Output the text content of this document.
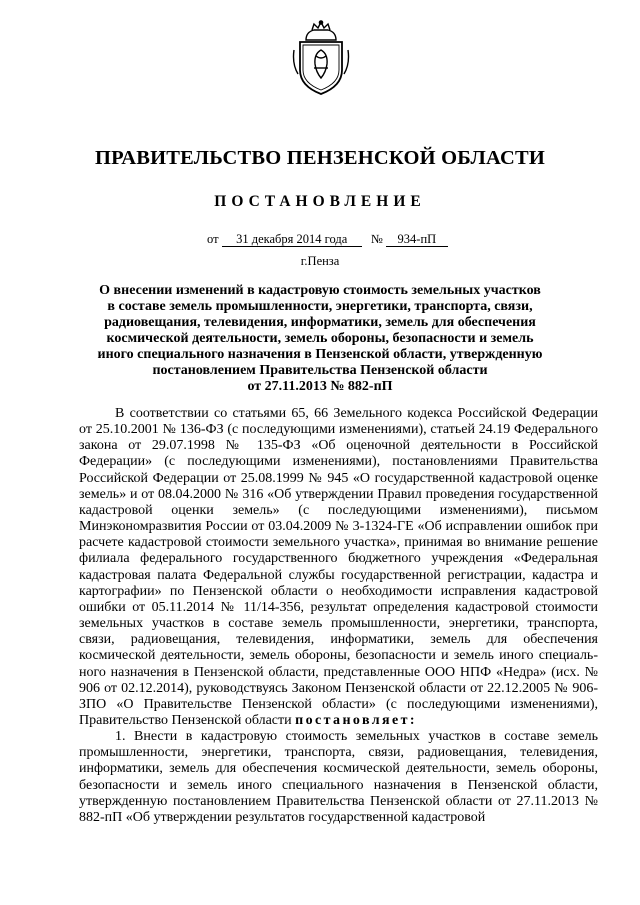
ПРАВИТЕЛЬСТВО ПЕНЗЕНСКОЙ ОБЛАСТИ
ПОСТАНОВЛЕНИЕ
от 31 декабря 2014 года № 934-пП
г.Пенза
О внесении изменений в кадастровую стоимость земельных участков
в составе земель промышленности, энергетики, транспорта, связи,
радиовещания, телевидения, информатики, земель для обеспечения
космической деятельности, земель обороны, безопасности и земель
иного специального назначения в Пензенской области, утвержденную
постановлением Правительства Пензенской области
от 27.11.2013 № 882-пП

В соответствии со статьями 65, 66 Земельного кодекса Российской Федерации от 25.10.2001 № 136-ФЗ (с последующими изменениями), статьей 24.19 Федерального закона от 29.07.1998 № 135-ФЗ «Об оценочной деятельности в Российской Федерации» (с последующими изменениями), постановлениями Правительства Российской Федерации от 25.08.1999 № 945 «О государственной кадастровой оценке земель» и от 08.04.2000 № 316 «Об утверждении Правил проведения государственной кадастровой оценки земель» (с последующими изменениями), письмом Минэкономразвития России от 03.04.2009 № 3-1324-ГЕ «Об исправлении ошибок при расчете кадастровой стоимости земельного участка», принимая во внимание решение филиала федерального государственного бюджетного учреждения «Федеральная кадастровая палата Федеральной службы государственной регистрации, кадастра и картографии» по Пензенской области о необходимости исправления кадастровой ошибки от 05.11.2014 № 11/14-356, результат определения кадастровой стоимости земельных участков в составе земель промышленности, энергетики, транспорта, связи, радиовещания, телевидения, информатики, земель для обеспечения космической деятельности, земель обороны, безопасности и земель иного специального назначения в Пензенской области, представленные ООО НПФ «Недра» (исх. № 906 от 02.12.2014), руководствуясь Законом Пензенской области от 22.12.2005 № 906-ЗПО «О Правительстве Пензенской области» (с последующими изменениями), Правительство Пензенской области постановляет:

1. Внести в кадастровую стоимость земельных участков в составе земель промышленности, энергетики, транспорта, связи, радиовещания, телевидения, информатики, земель для обеспечения космической деятельности, земель обороны, безопасности и земель иного специального назначения в Пензенской области, утвержденную постановлением Правительства Пензенской области от 27.11.2013 № 882-пП «Об утверждении результатов государственной кадастровой
